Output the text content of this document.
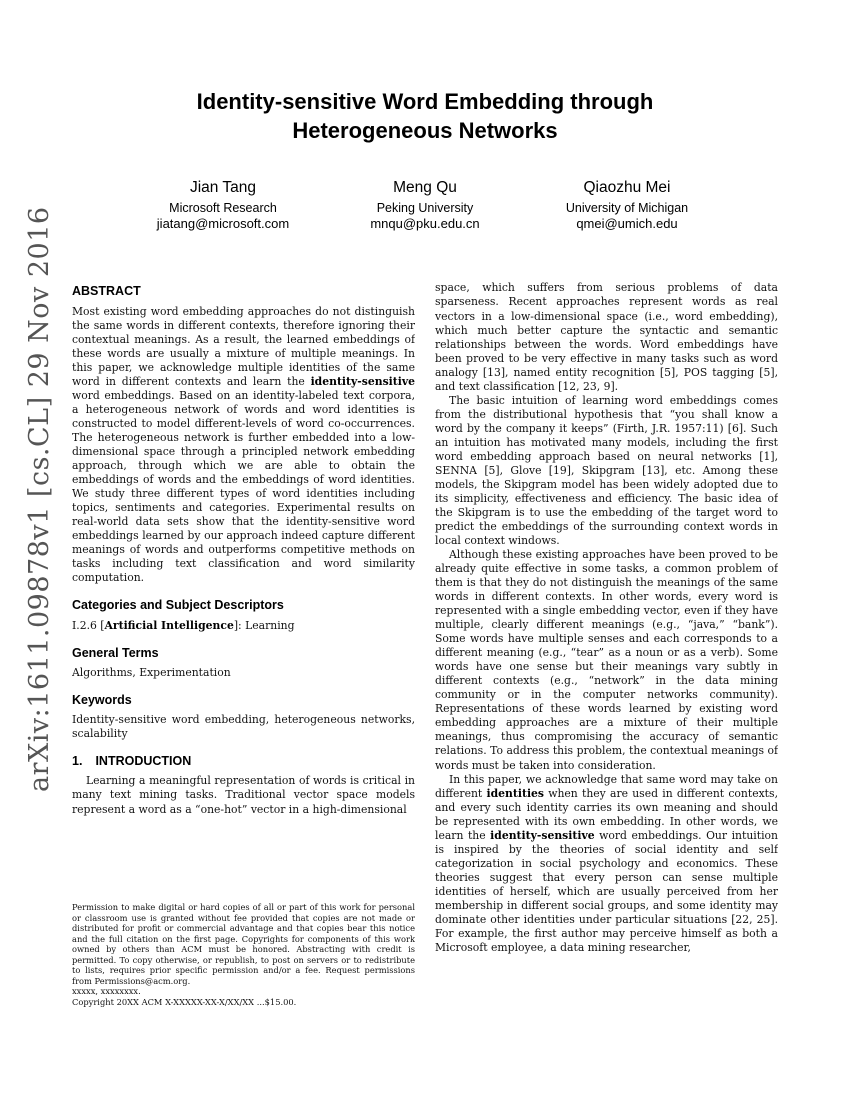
arXiv:1611.09878v1 [cs.CL] 29 Nov 2016
Identity-sensitive Word Embedding through Heterogeneous Networks
Jian Tang
Microsoft Research
jiatang@microsoft.com
Meng Qu
Peking University
mnqu@pku.edu.cn
Qiaozhu Mei
University of Michigan
qmei@umich.edu
ABSTRACT

Most existing word embedding approaches do not distinguish the same words in different contexts, therefore ignoring their contextual meanings. As a result, the learned embeddings of these words are usually a mixture of multiple meanings. In this paper, we acknowledge multiple identities of the same word in different contexts and learn the identity-sensitive word embeddings. Based on an identity-labeled text corpora, a heterogeneous network of words and word identities is constructed to model different-levels of word co-occurrences. The heterogeneous network is further embedded into a low-dimensional space through a principled network embedding approach, through which we are able to obtain the embeddings of words and the embeddings of word identities. We study three different types of word identities including topics, sentiments and categories. Experimental results on real-world data sets show that the identity-sensitive word embeddings learned by our approach indeed capture different meanings of words and outperforms competitive methods on tasks including text classification and word similarity computation.

Categories and Subject Descriptors

I.2.6 [Artificial Intelligence]: Learning

General Terms

Algorithms, Experimentation

Keywords

Identity-sensitive word embedding, heterogeneous networks, scalability

1. INTRODUCTION

Learning a meaningful representation of words is critical in many text mining tasks. Traditional vector space models represent a word as a “one-hot” vector in a high-dimensional

Permission to make digital or hard copies of all or part of this work for personal or classroom use is granted without fee provided that copies are not made or distributed for profit or commercial advantage and that copies bear this notice and the full citation on the first page. Copyrights for components of this work owned by others than ACM must be honored. Abstracting with credit is permitted. To copy otherwise, or republish, to post on servers or to redistribute to lists, requires prior specific permission and/or a fee. Request permissions from Permissions@acm.org.

xxxxx, xxxxxxxx.

Copyright 20XX ACM X-XXXXX-XX-X/XX/XX ...$15.00.

space, which suffers from serious problems of data sparseness. Recent approaches represent words as real vectors in a low-dimensional space (i.e., word embedding), which much better capture the syntactic and semantic relationships between the words. Word embeddings have been proved to be very effective in many tasks such as word analogy [13], named entity recognition [5], POS tagging [5], and text classification [12, 23, 9].

The basic intuition of learning word embeddings comes from the distributional hypothesis that “you shall know a word by the company it keeps” (Firth, J.R. 1957:11) [6]. Such an intuition has motivated many models, including the first word embedding approach based on neural networks [1], SENNA [5], Glove [19], Skipgram [13], etc. Among these models, the Skipgram model has been widely adopted due to its simplicity, effectiveness and efficiency. The basic idea of the Skipgram is to use the embedding of the target word to predict the embeddings of the surrounding context words in local context windows.

Although these existing approaches have been proved to be already quite effective in some tasks, a common problem of them is that they do not distinguish the meanings of the same words in different contexts. In other words, every word is represented with a single embedding vector, even if they have multiple, clearly different meanings (e.g., “java,” “bank”). Some words have multiple senses and each corresponds to a different meaning (e.g., “tear” as a noun or as a verb). Some words have one sense but their meanings vary subtly in different contexts (e.g., “network” in the data mining community or in the computer networks community). Representations of these words learned by existing word embedding approaches are a mixture of their multiple meanings, thus compromising the accuracy of semantic relations. To address this problem, the contextual meanings of words must be taken into consideration.

In this paper, we acknowledge that same word may take on different identities when they are used in different contexts, and every such identity carries its own meaning and should be represented with its own embedding. In other words, we learn the identity-sensitive word embeddings. Our intuition is inspired by the theories of social identity and self categorization in social psychology and economics. These theories suggest that every person can sense multiple identities of herself, which are usually perceived from her membership in different social groups, and some identity may dominate other identities under particular situations [22, 25]. For example, the first author may perceive himself as both a Microsoft employee, a data mining researcher,
